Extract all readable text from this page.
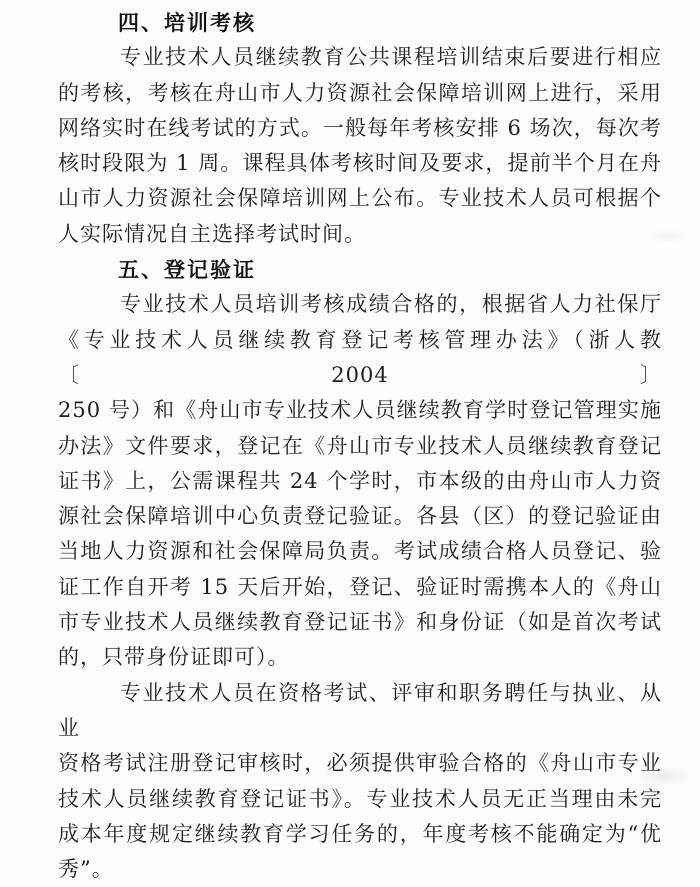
四、培训考核
专业技术人员继续教育公共课程培训结束后要进行相应
的考核，考核在舟山市人力资源社会保障培训网上进行，采用
网络实时在线考试的方式。一般每年考核安排 6 场次，每次考
核时段限为 1 周。课程具体考核时间及要求，提前半个月在舟
山市人力资源社会保障培训网上公布。专业技术人员可根据个
人实际情况自主选择考试时间。
五、登记验证
专业技术人员培训考核成绩合格的，根据省人力社保厅
《专业技术人员继续教育登记考核管理办法》（浙人教〔2004〕
250 号）和《舟山市专业技术人员继续教育学时登记管理实施
办法》文件要求，登记在《舟山市专业技术人员继续教育登记
证书》上，公需课程共 24 个学时，市本级的由舟山市人力资
源社会保障培训中心负责登记验证。各县（区）的登记验证由
当地人力资源和社会保障局负责。考试成绩合格人员登记、验
证工作自开考 15 天后开始，登记、验证时需携本人的《舟山
市专业技术人员继续教育登记证书》和身份证（如是首次考试
的，只带身份证即可）。
专业技术人员在资格考试、评审和职务聘任与执业、从业
资格考试注册登记审核时，必须提供审验合格的《舟山市专业
技术人员继续教育登记证书》。专业技术人员无正当理由未完
成本年度规定继续教育学习任务的，年度考核不能确定为“优
秀”。
